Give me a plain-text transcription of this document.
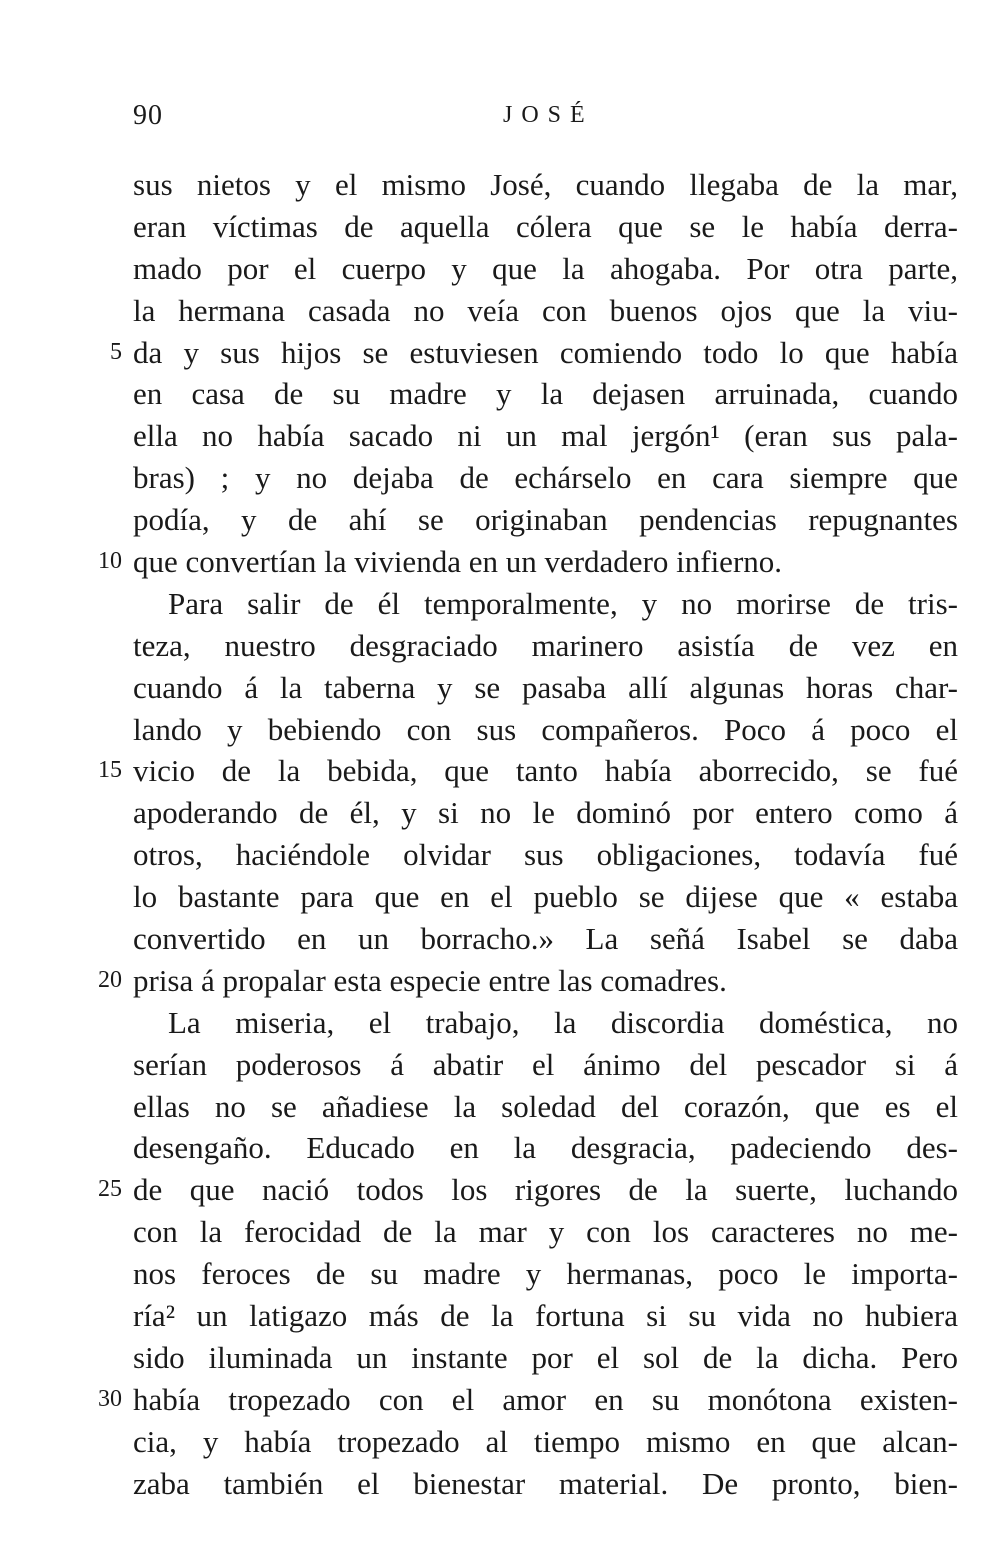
90	JOSÉ
sus nietos y el mismo José, cuando llegaba de la mar,
eran víctimas de aquella cólera que se le había derra-
mado por el cuerpo y que la ahogaba. Por otra parte,
la hermana casada no veía con buenos ojos que la viu-
5 da y sus hijos se estuviesen comiendo todo lo que había
en casa de su madre y la dejasen arruinada, cuando
ella no había sacado ni un mal jergón¹ (eran sus pala-
bras) ; y no dejaba de echárselo en cara siempre que
podía, y de ahí se originaban pendencias repugnantes
10 que convertían la vivienda en un verdadero infierno.
Para salir de él temporalmente, y no morirse de tris-
teza, nuestro desgraciado marinero asistía de vez en
cuando á la taberna y se pasaba allí algunas horas char-
lando y bebiendo con sus compañeros. Poco á poco el
15 vicio de la bebida, que tanto había aborrecido, se fué
apoderando de él, y si no le dominó por entero como á
otros, haciéndole olvidar sus obligaciones, todavía fué
lo bastante para que en el pueblo se dijese que « estaba
convertido en un borracho.» La señá Isabel se daba
20 prisa á propalar esta especie entre las comadres.
La miseria, el trabajo, la discordia doméstica, no
serían poderosos á abatir el ánimo del pescador si á
ellas no se añadiese la soledad del corazón, que es el
desengaño. Educado en la desgracia, padeciendo des-
25 de que nació todos los rigores de la suerte, luchando
con la ferocidad de la mar y con los caracteres no me-
nos feroces de su madre y hermanas, poco le importa-
ría² un latigazo más de la fortuna si su vida no hubiera
sido iluminada un instante por el sol de la dicha. Pero
30 había tropezado con el amor en su monótona existen-
cia, y había tropezado al tiempo mismo en que alcan-
zaba también el bienestar material. De pronto, bien-
